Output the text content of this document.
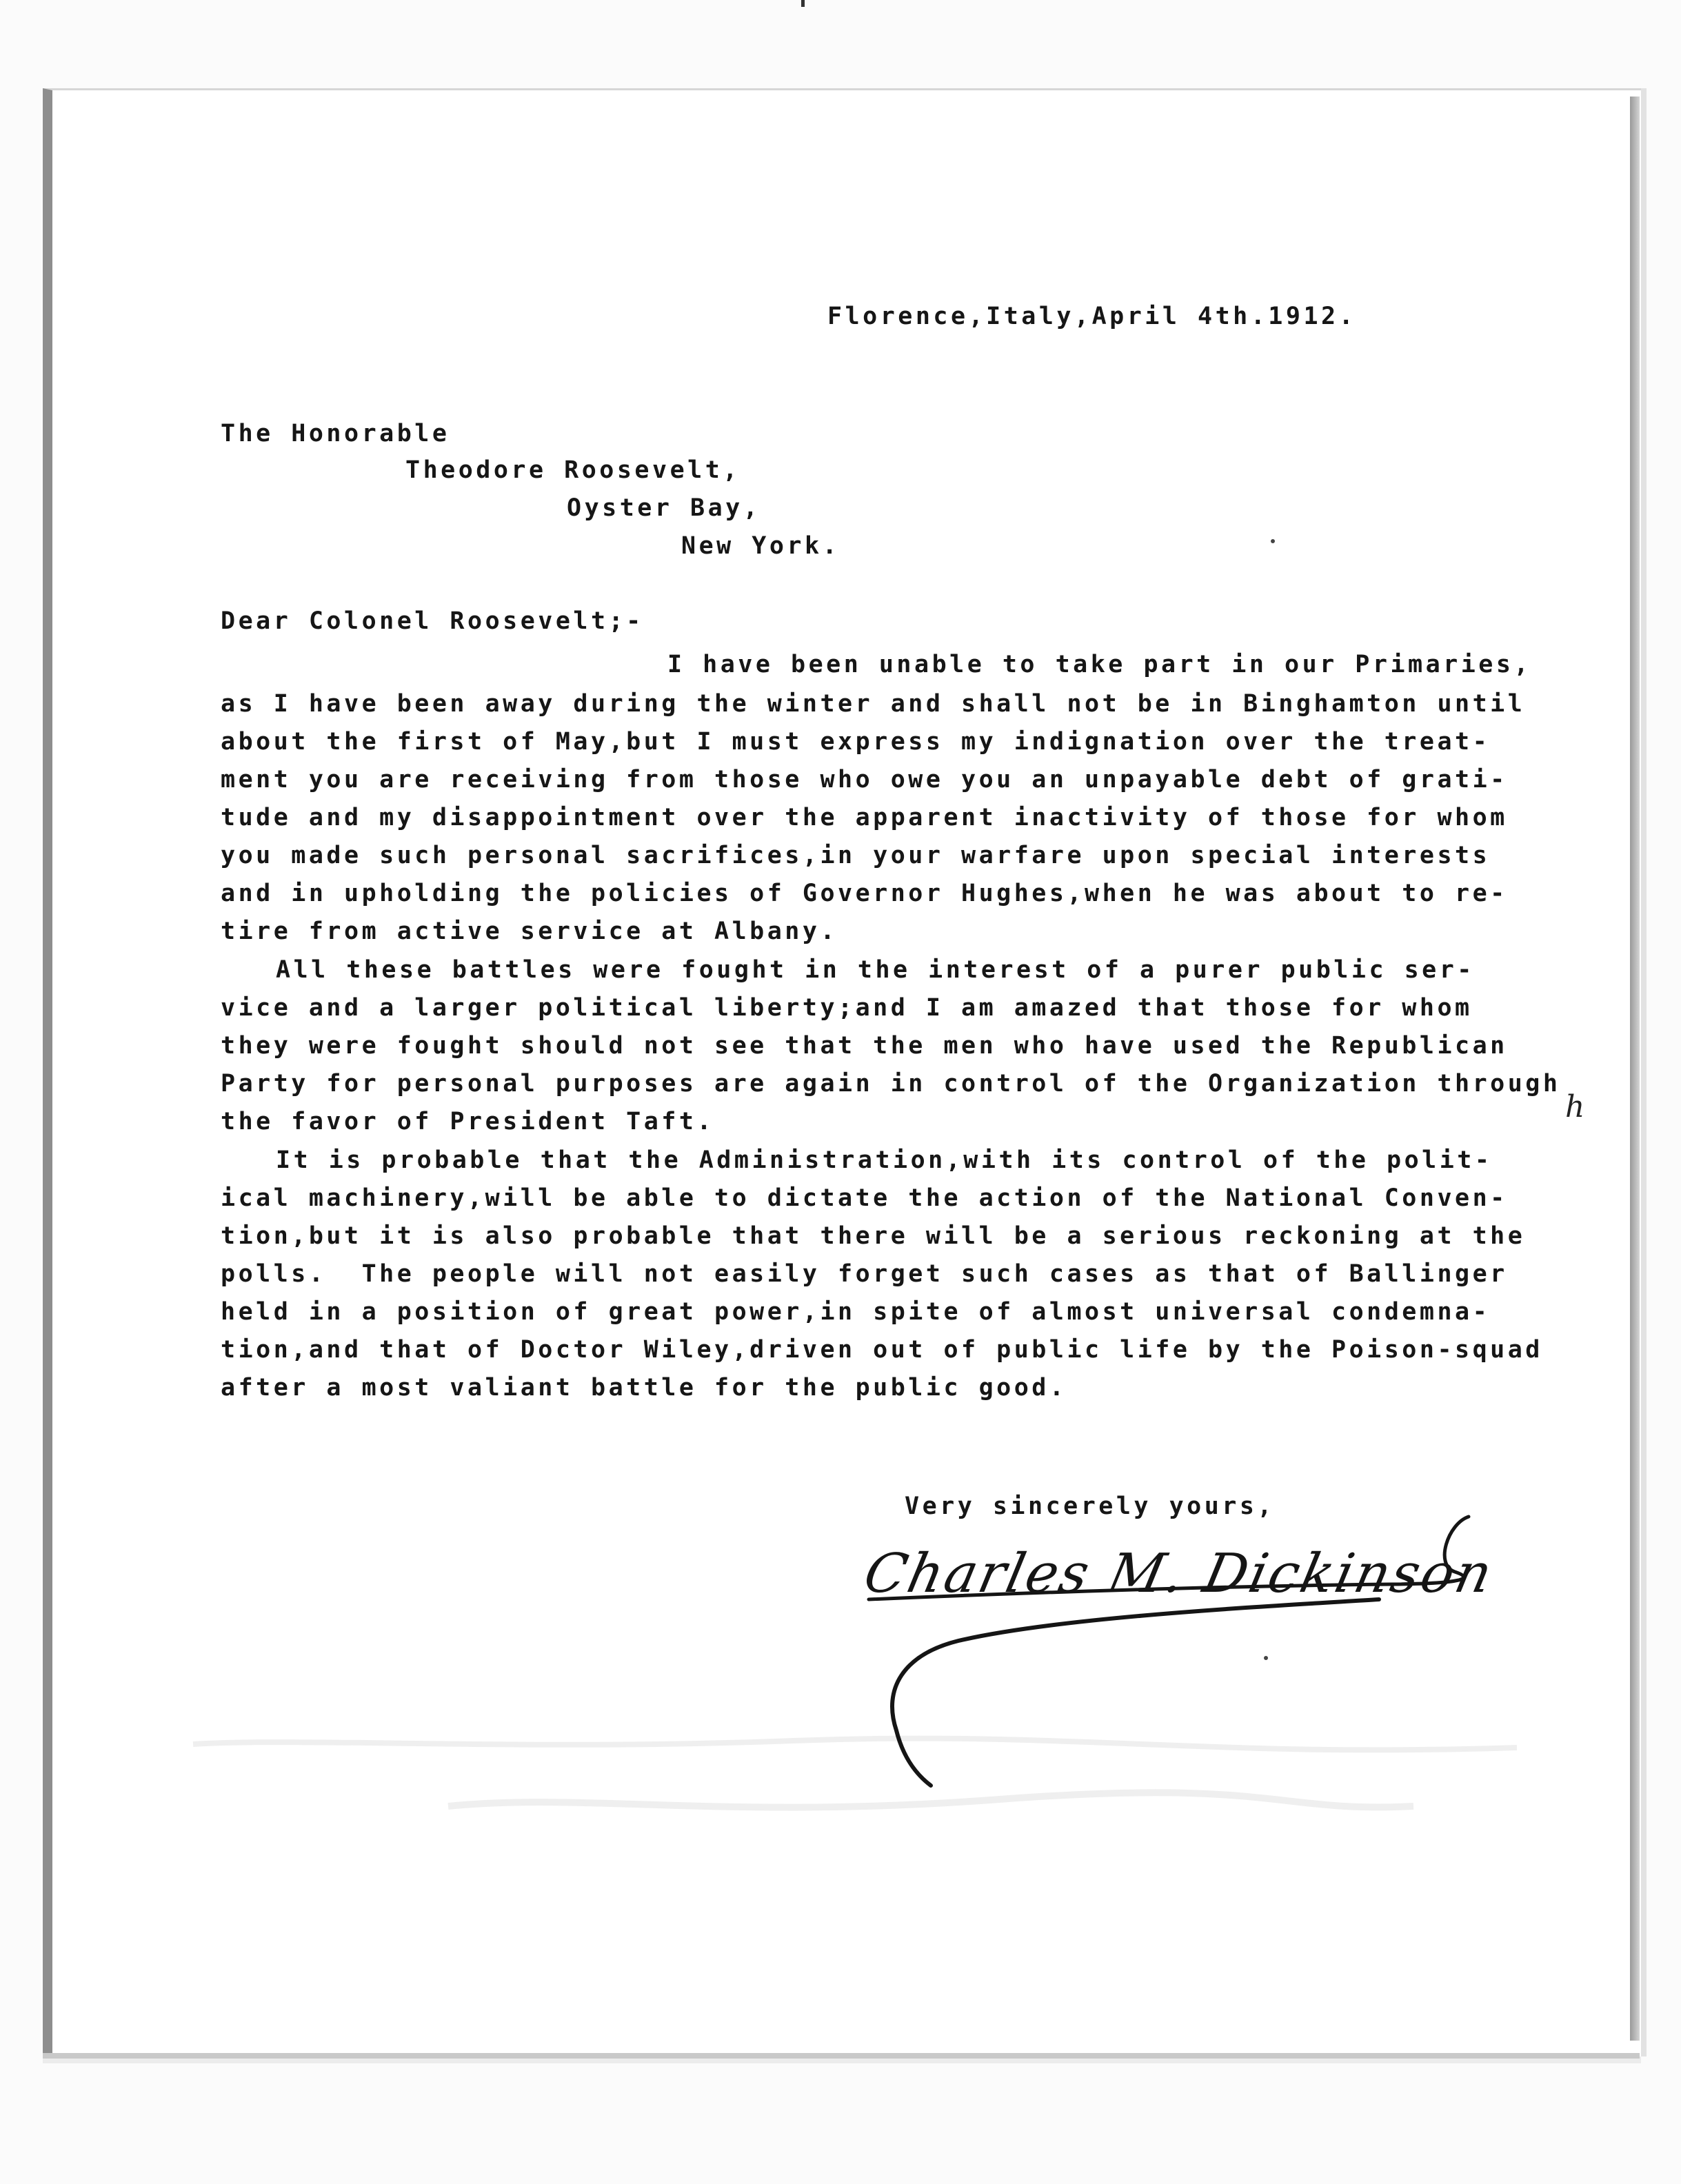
Florence,Italy,April 4th.1912.
The Honorable
Theodore Roosevelt,
Oyster Bay,
New York.
Dear Colonel Roosevelt;-
I have been unable to take part in our Primaries,
as I have been away during the winter and shall not be in Binghamton until
about the first of May,but I must express my indignation over the treat-
ment you are receiving from those who owe you an unpayable debt of grati-
tude and my disappointment over the apparent inactivity of those for whom
you made such personal sacrifices,in your warfare upon special interests
and in upholding the policies of Governor Hughes,when he was about to re-
tire from active service at Albany.
All these battles were fought in the interest of a purer public ser-
vice and a larger political liberty;and I am amazed that those for whom
they were fought should not see that the men who have used the Republican
Party for personal purposes are again in control of the Organization through
the favor of President Taft.
It is probable that the Administration,with its control of the polit-
ical machinery,will be able to dictate the action of the National Conven-
tion,but it is also probable that there will be a serious reckoning at the
polls.  The people will not easily forget such cases as that of Ballinger
held in a position of great power,in spite of almost universal condemna-
tion,and that of Doctor Wiley,driven out of public life by the Poison-squad
after a most valiant battle for the public good.
h
Very sincerely yours,
Charles M. Dickinson
